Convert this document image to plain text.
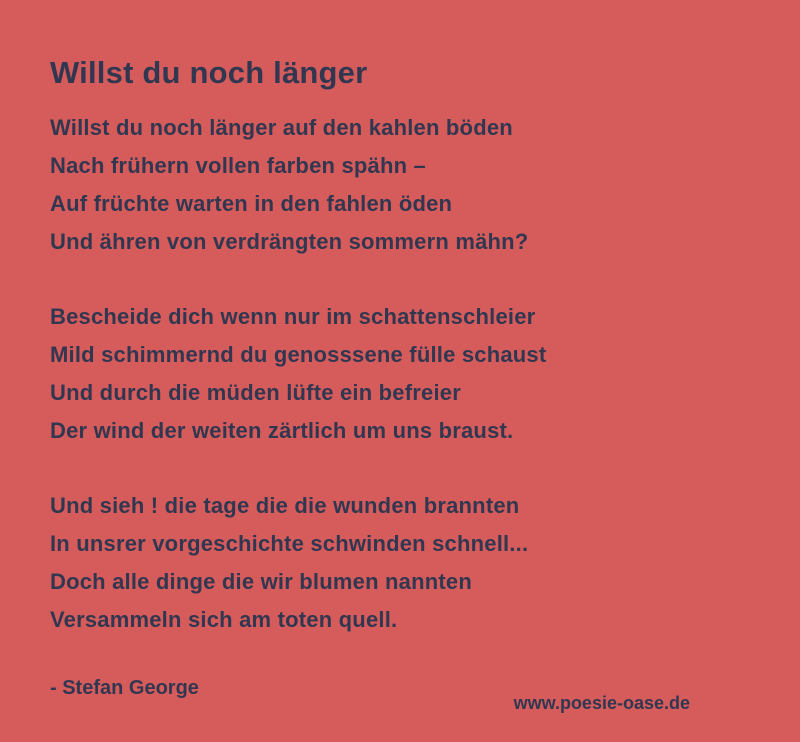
Willst du noch länger
Willst du noch länger auf den kahlen böden
Nach frühern vollen farben spähn –
Auf früchte warten in den fahlen öden
Und ähren von verdrängten sommern mähn?
Bescheide dich wenn nur im schattenschleier
Mild schimmernd du genosssene fülle schaust
Und durch die müden lüfte ein befreier
Der wind der weiten zärtlich um uns braust.
Und sieh ! die tage die die wunden brannten
In unsrer vorgeschichte schwinden schnell...
Doch alle dinge die wir blumen nannten
Versammeln sich am toten quell.
- Stefan George
www.poesie-oase.de
